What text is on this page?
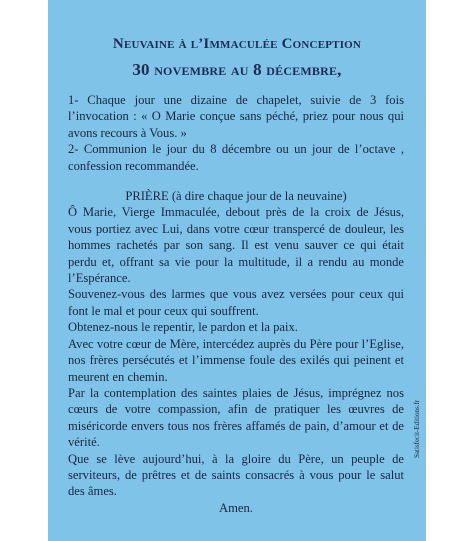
Neuvaine à l’Immaculée Conception
30 novembre au 8 décembre,

1- Chaque jour une dizaine de chapelet, suivie de 3 fois l’invocation : « O Marie conçue sans péché, priez pour nous qui avons recours à Vous. »

2- Communion le jour du 8 décembre ou un jour de l’octave , confession recommandée.

PRIÈRE (à dire chaque jour de la neuvaine)

Ô Marie, Vierge Immaculée, debout près de la croix de Jésus, vous portiez avec Lui, dans votre cœur transpercé de douleur, les hommes rachetés par son sang. Il est venu sauver ce qui était perdu et, offrant sa vie pour la multitude, il a rendu au monde l’Espérance.

Souvenez-vous des larmes que vous avez versées pour ceux qui font le mal et pour ceux qui souffrent.

Obtenez-nous le repentir, le pardon et la paix.

Avec votre cœur de Mère, intercédez auprès du Père pour l’Eglise, nos frères persécutés et l’immense foule des exilés qui peinent et meurent en chemin.

Par la contemplation des saintes plaies de Jésus, imprégnez nos cœurs de votre compassion, afin de pratiquer les œuvres de miséricorde envers tous nos frères affamés de pain, d’amour et de vérité.

Que se lève aujourd’hui, à la gloire du Père, un peuple de serviteurs, de prêtres et de saints consacrés à vous pour le salut des âmes.

Amen.

Satisfecit-Editions.fr
